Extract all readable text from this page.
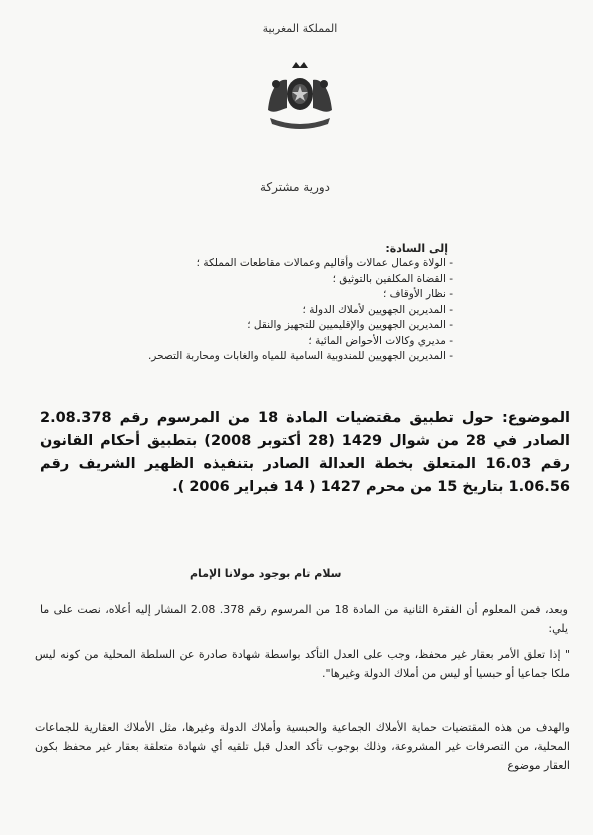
المملكة المغربية
دورية مشتركة
إلى السادة:
- الولاة وعمال عمالات وأقاليم وعمالات مقاطعات المملكة ؛
- القضاة المكلفين بالتوثيق ؛
- نظار الأوقاف ؛
- المديرين الجهويين لأملاك الدولة ؛
- المديرين الجهويين والإقليميين للتجهيز والنقل ؛
- مديري وكالات الأحواض المائية ؛
- المديرين الجهويين للمندوبية السامية للمياه والغابات ومحاربة التصحر.
الموضوع: حول تطبيق مقتضيات المادة 18 من المرسوم رقم 2.08.378 الصادر في 28 من شوال 1429 (28 أكتوبر 2008) بتطبيق أحكام القانون رقم 16.03 المتعلق بخطة العدالة الصادر بتنفيذه الظهير الشريف رقم 1.06.56 بتاريخ 15 من محرم 1427 ( 14 فبراير 2006 ).
سلام تام بوجود مولانا الإمام
وبعد، فمن المعلوم أن الفقرة الثانية من المادة 18 من المرسوم رقم 378. 2.08 المشار إليه أعلاه، نصت على ما يلي:
" إذا تعلق الأمر بعقار غير محفظ، وجب على العدل التأكد بواسطة شهادة صادرة عن السلطة المحلية من كونه ليس ملكا جماعيا أو حبسيا أو ليس من أملاك الدولة وغيرها".
والهدف من هذه المقتضيات حماية الأملاك الجماعية والحبسية وأملاك الدولة وغيرها، مثل الأملاك العقارية للجماعات المحلية، من التصرفات غير المشروعة، وذلك بوجوب تأكد العدل قبل تلقيه أي شهادة متعلقة بعقار غير محفظ بكون العقار موضوع
